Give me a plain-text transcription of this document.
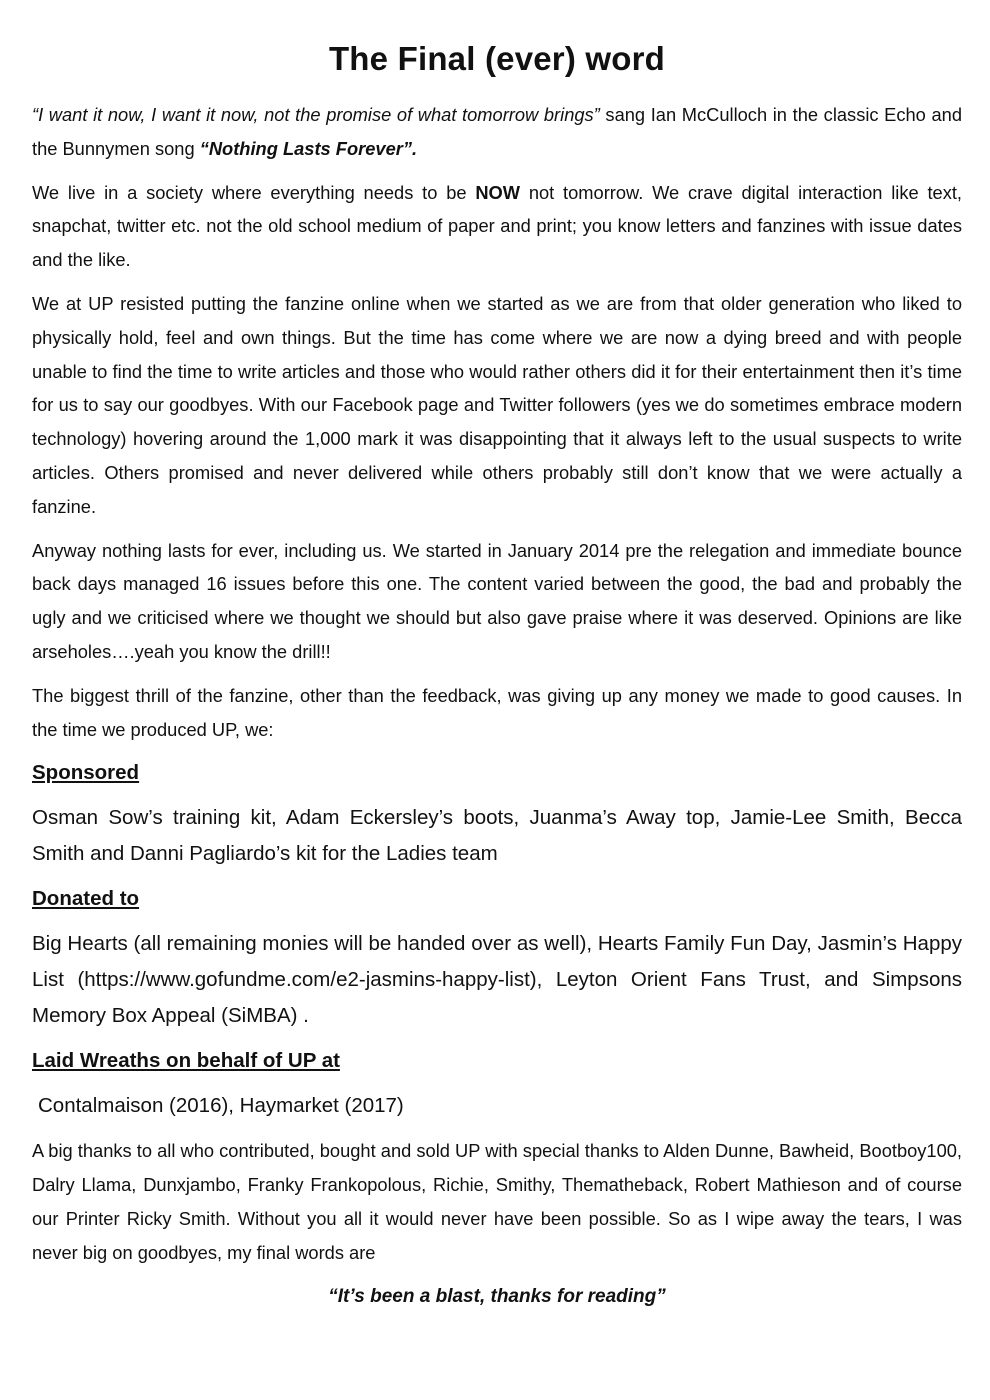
The Final (ever) word

“I want it now, I want it now, not the promise of what tomorrow brings” sang Ian McCulloch in the classic Echo and the Bunnymen song “Nothing Lasts Forever”.

We live in a society where everything needs to be NOW not tomorrow. We crave digital interaction like text, snapchat, twitter etc. not the old school medium of paper and print; you know letters and fanzines with issue dates and the like.

We at UP resisted putting the fanzine online when we started as we are from that older generation who liked to physically hold, feel and own things. But the time has come where we are now a dying breed and with people unable to find the time to write articles and those who would rather others did it for their entertainment then it’s time for us to say our goodbyes. With our Facebook page and Twitter followers (yes we do sometimes embrace modern technology) hovering around the 1,000 mark it was disappointing that it always left to the usual suspects to write articles. Others promised and never delivered while others probably still don’t know that we were actually a fanzine.

Anyway nothing lasts for ever, including us. We started in January 2014 pre the relegation and immediate bounce back days managed 16 issues before this one. The content varied between the good, the bad and probably the ugly and we criticised where we thought we should but also gave praise where it was deserved. Opinions are like arseholes….yeah you know the drill!!

The biggest thrill of the fanzine, other than the feedback, was giving up any money we made to good causes. In the time we produced UP, we:

Sponsored

Osman Sow’s training kit, Adam Eckersley’s boots, Juanma’s Away top, Jamie-Lee Smith, Becca Smith and Danni Pagliardo’s kit for the Ladies team

Donated to

Big Hearts (all remaining monies will be handed over as well), Hearts Family Fun Day, Jasmin’s Happy List (https://www.gofundme.com/e2-jasmins-happy-list), Leyton Orient Fans Trust, and Simpsons Memory Box Appeal (SiMBA) .

Laid Wreaths on behalf of UP at

Contalmaison (2016), Haymarket (2017)

A big thanks to all who contributed, bought and sold UP with special thanks to Alden Dunne, Bawheid, Bootboy100, Dalry Llama, Dunxjambo, Franky Frankopolous, Richie, Smithy, Thematheback, Robert Mathieson and of course our Printer Ricky Smith. Without you all it would never have been possible. So as I wipe away the tears, I was never big on goodbyes, my final words are

“It’s been a blast, thanks for reading”
